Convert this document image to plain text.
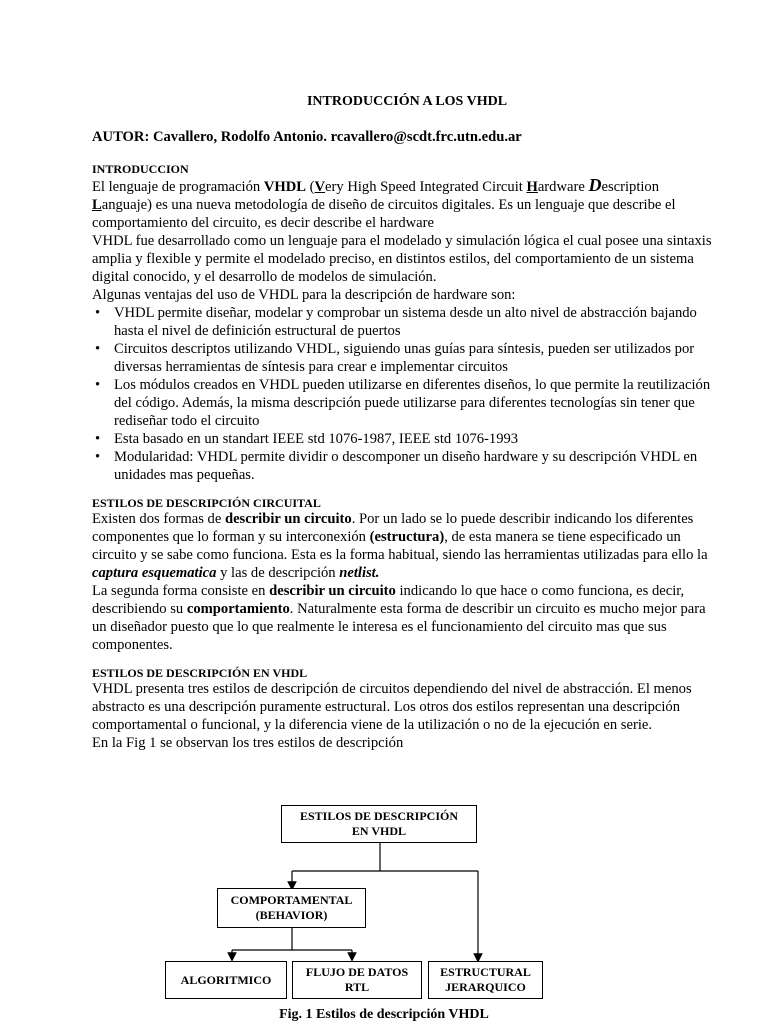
INTRODUCCIÓN A LOS VHDL

AUTOR: Cavallero, Rodolfo Antonio. rcavallero@scdt.frc.utn.edu.ar

INTRODUCCION

El lenguaje de programación VHDL (Very High Speed Integrated Circuit Hardware Description Languaje) es una nueva metodología de diseño de circuitos digitales. Es un lenguaje que describe el comportamiento del circuito, es decir describe el hardware

VHDL fue desarrollado como un lenguaje para el modelado y simulación lógica el cual posee una sintaxis amplia y flexible y permite el modelado preciso, en distintos estilos, del comportamiento de un sistema digital conocido, y el desarrollo de modelos de simulación.

Algunas ventajas del uso de VHDL para la descripción de hardware son:

• VHDL permite diseñar, modelar y comprobar un sistema desde un alto nivel de abstracción bajando hasta el nivel de definición estructural de puertos
• Circuitos descriptos utilizando VHDL, siguiendo unas guías para síntesis, pueden ser utilizados por diversas herramientas de síntesis para crear e implementar circuitos
• Los módulos creados en VHDL pueden utilizarse en diferentes diseños, lo que permite la reutilización del código. Además, la misma descripción puede utilizarse para diferentes tecnologías sin tener que rediseñar todo el circuito
• Esta basado en un standart IEEE std 1076-1987, IEEE std 1076-1993
• Modularidad: VHDL permite dividir o descomponer un diseño hardware y su descripción VHDL en unidades mas pequeñas.

ESTILOS DE DESCRIPCIÓN CIRCUITAL

Existen dos formas de describir un circuito. Por un lado se lo puede describir indicando los diferentes componentes que lo forman y su interconexión (estructura), de esta manera se tiene especificado un circuito y se sabe como funciona. Esta es la forma habitual, siendo las herramientas utilizadas para ello la captura esquematica y las de descripción netlist.

La segunda forma consiste en describir un circuito indicando lo que hace o como funciona, es decir, describiendo su comportamiento. Naturalmente esta forma de describir un circuito es mucho mejor para un diseñador puesto que lo que realmente le interesa es el funcionamiento del circuito mas que sus componentes.

ESTILOS DE DESCRIPCIÓN EN VHDL

VHDL presenta tres estilos de descripción de circuitos dependiendo del nivel de abstracción. El menos abstracto es una descripción puramente estructural. Los otros dos estilos representan una descripción comportamental o funcional, y la diferencia viene de la utilización o no de la ejecución en serie.

En la Fig 1 se observan los tres estilos de descripción

ESTILOS DE DESCRIPCIÓN
EN VHDL
COMPORTAMENTAL
(BEHAVIOR)
ALGORITMICO
FLUJO DE DATOS
RTL
ESTRUCTURAL
JERARQUICO
Fig. 1 Estilos de descripción VHDL
